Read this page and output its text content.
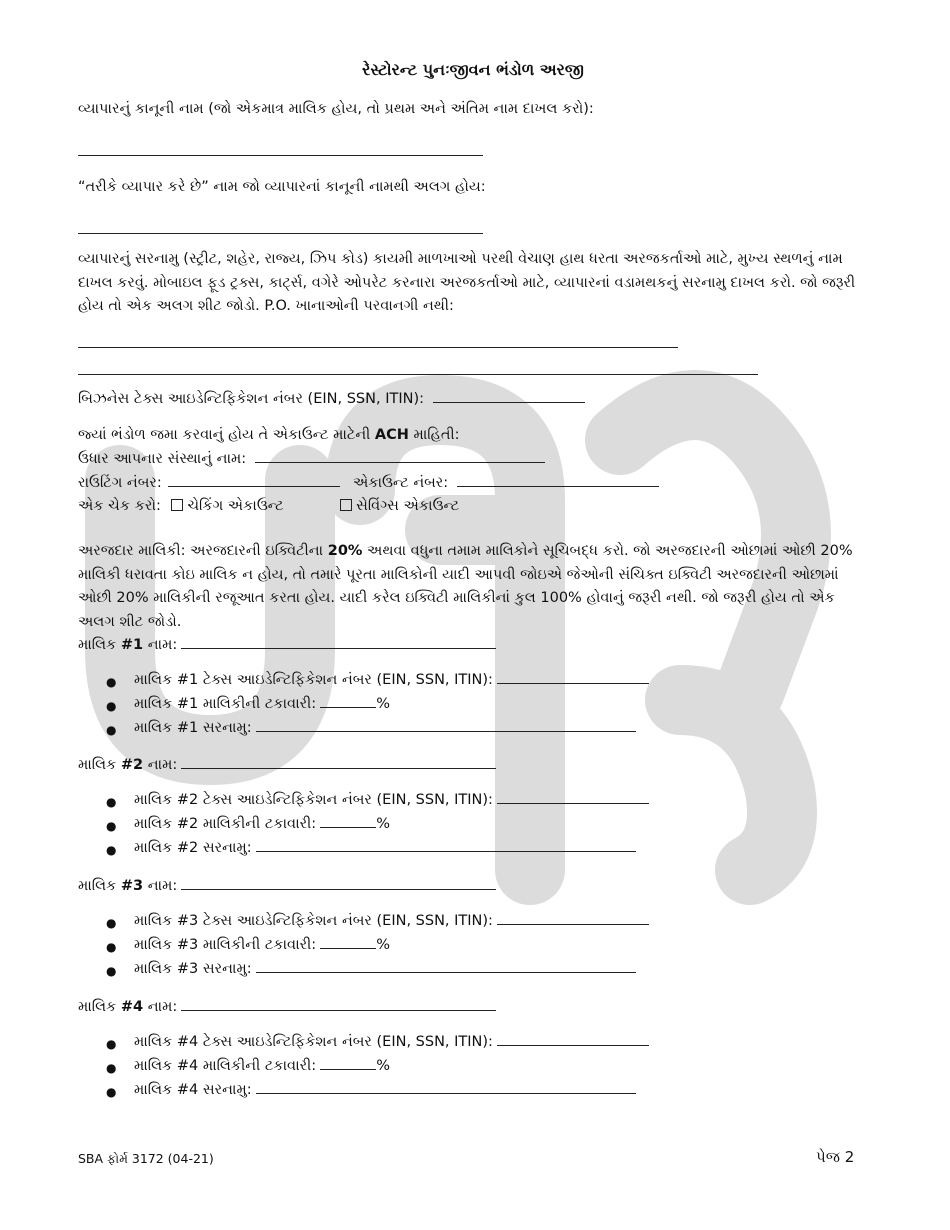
રેસ્ટોરન્ટ પુનઃજીવન ભંડોળ અરજી
વ્યાપારનું કાનૂની નામ (જો એકમાત્ર માલિક હોય, તો પ્રથમ અને અંતિમ નામ દાખલ કરો):
“તરીકે વ્યાપાર કરે છે” નામ જો વ્યાપારનાં કાનૂની નામથી અલગ હોય:
વ્યાપારનું સરનામુ (સ્ટ્રીટ, શહેર, રાજ્ય, ઝિપ કોડ) કાયમી માળખાઓ પરથી વેચાણ હાથ ધરતા અરજકર્તાઓ માટે, મુખ્ય સ્થળનું નામ દાખલ કરવું. મોબાઇલ ફૂડ ટ્રક્સ, કાર્ટ્સ, વગેરે ઓપરેટ કરનારા અરજકર્તાઓ માટે, વ્યાપારનાં વડામથકનું સરનામુ દાખલ કરો. જો જરૂરી હોય તો એક અલગ શીટ જોડો. P.O. ખાનાઓની પરવાનગી નથી:
બિઝનેસ ટેક્સ આઇડેન્ટિફિકેશન નંબર (EIN, SSN, ITIN):
જ્યાં ભંડોળ જમા કરવાનું હોય તે એકાઉન્ટ માટેની ACH માહિતી:
ઉધાર આપનાર સંસ્થાનું નામ:
રાઉટિંગ નંબર:	એકાઉન્ટ નંબર:
એક ચેક કરો: ચેકિંગ એકાઉન્ટ	સેવિંગ્સ એકાઉન્ટ
અરજદાર માલિકી: અરજદારની ઇક્વિટીના 20% અથવા વધુના તમામ માલિકોને સૂચિબદ્ધ કરો. જો અરજદારની ઓછામાં ઓછી 20% માલિકી ધરાવતા કોઇ માલિક ન હોય, તો તમારે પૂરતા માલિકોની યાદી આપવી જોઇએ જેઓની સંચિક્ત ઇક્વિટી અરજદારની ઓછામાં ઓછી 20% માલિકીની રજૂઆત કરતા હોય. યાદી કરેલ ઇક્વિટી માલિકીનાં કુલ 100% હોવાનું જરૂરી નથી. જો જરૂરી હોય તો એક અલગ શીટ જોડો.
માલિક #1 નામ:
● માલિક #1 ટેક્સ આઇડેન્ટિફિકેશન નંબર (EIN, SSN, ITIN):
● માલિક #1 માલિકીની ટકાવારી:	%
● માલિક #1 સરનામુ:
માલિક #2 નામ:
● માલિક #2 ટેક્સ આઇડેન્ટિફિકેશન નંબર (EIN, SSN, ITIN):
● માલિક #2 માલિકીની ટકાવારી:	%
● માલિક #2 સરનામુ:
માલિક #3 નામ:
● માલિક #3 ટેક્સ આઇડેન્ટિફિકેશન નંબર (EIN, SSN, ITIN):
● માલિક #3 માલિકીની ટકાવારી:	%
● માલિક #3 સરનામુ:
માલિક #4 નામ:
● માલિક #4 ટેક્સ આઇડેન્ટિફિકેશન નંબર (EIN, SSN, ITIN):
● માલિક #4 માલિકીની ટકાવારી:	%
● માલિક #4 સરનામુ:
SBA ફોર્મ 3172 (04-21)	પેજ 2
